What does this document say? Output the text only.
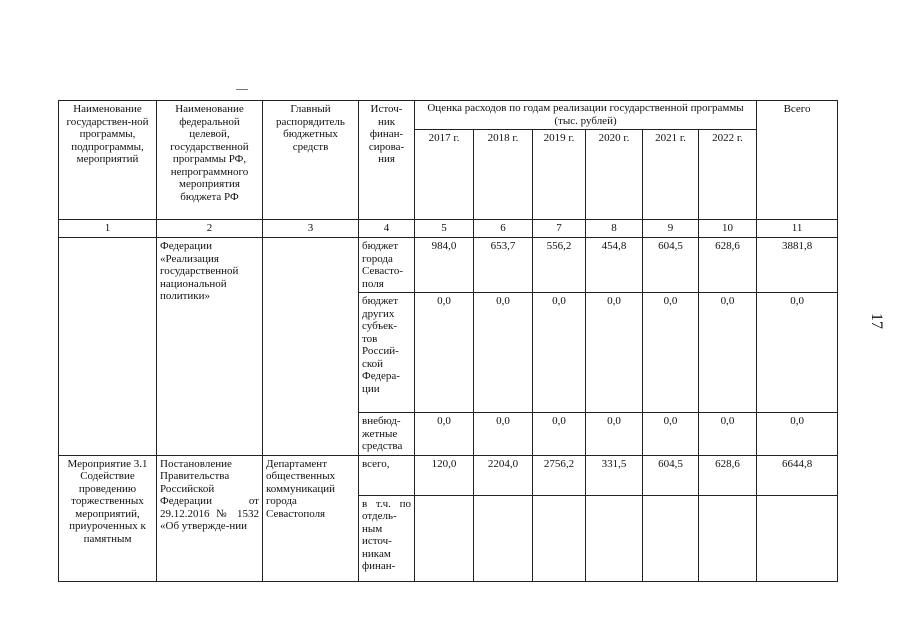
Наименование государствен-ной программы, подпрограммы, мероприятий	Наименование федеральной целевой, государственной программы РФ, непрограммного мероприятия бюджета РФ	Главный распорядитель бюджетных средств	Источ-ник финан-сирова-ния	Оценка расходов по годам реализации государственной программы (тыс. рублей)						Всего
				2017 г.	2018 г.	2019 г.	2020 г.	2021 г.	2022 г.	
1	2	3	4	5	6	7	8	9	10	11
	Федерации «Реализация государственной национальной политики»		бюджет города Севасто-поля	984,0	653,7	556,2	454,8	604,5	628,6	3881,8
			бюджет других субъек-тов Россий-ской Федера-ции	0,0	0,0	0,0	0,0	0,0	0,0	0,0
			внебюд-жетные средства	0,0	0,0	0,0	0,0	0,0	0,0	0,0
Мероприятие 3.1 Содействие проведению торжественных мероприятий, приуроченных к памятным	Постановление Правительства Российской Федерации от 29.12.2016 № 1532 «Об утвержде-нии	Департамент общественных коммуникаций города Севастополя	всего,	120,0	2204,0	2756,2	331,5	604,5	628,6	6644,8
			в т.ч. по отдель-ным источ-никам финан-							
17
